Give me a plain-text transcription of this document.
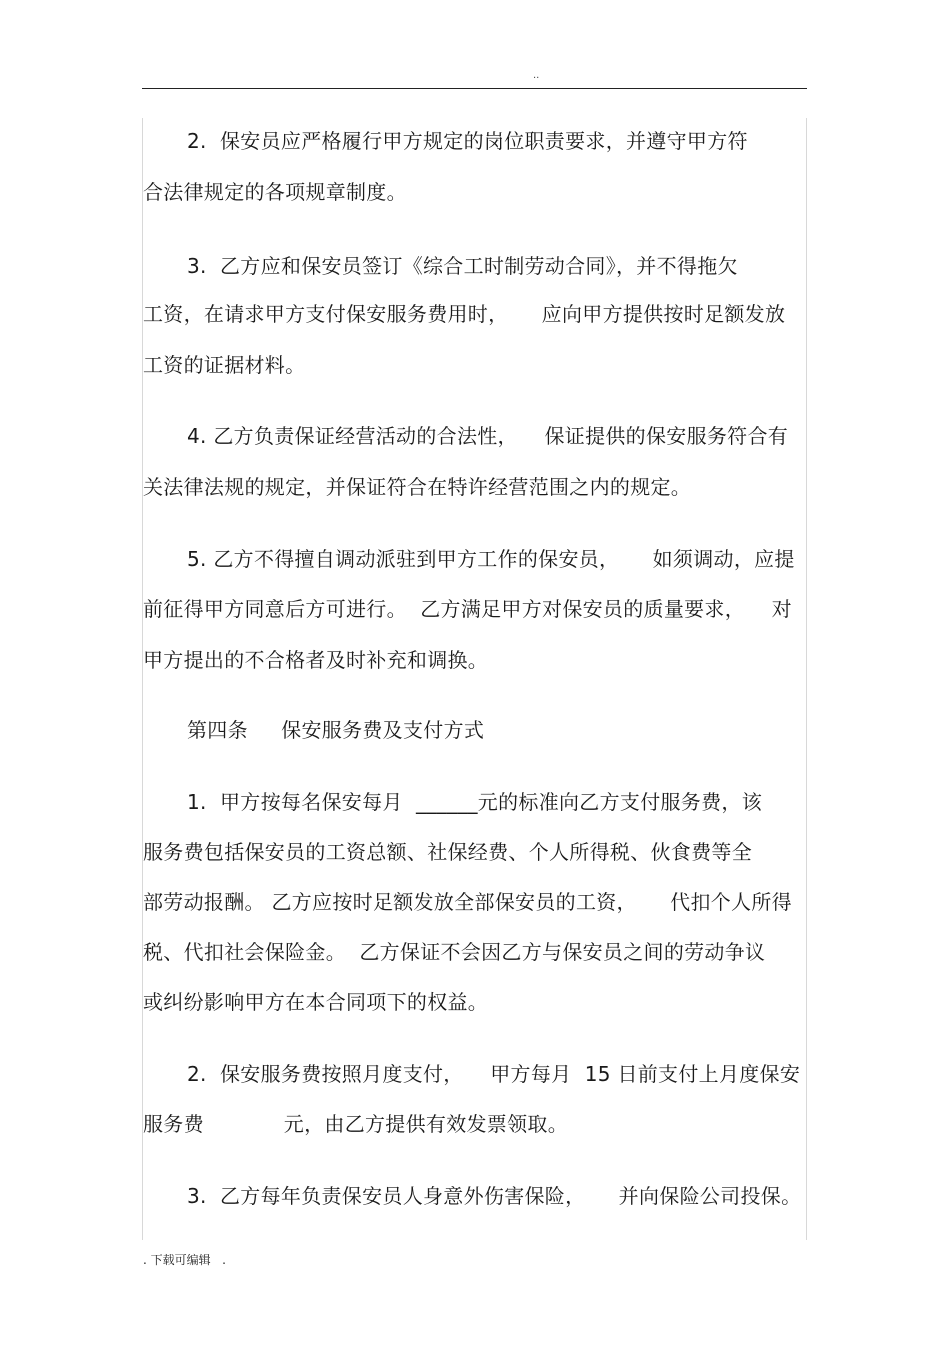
..
2.  保安员应严格履行甲方规定的岗位职责要求，并遵守甲方符
合法律规定的各项规章制度。
3.  乙方应和保安员签订《综合工时制劳动合同》，并不得拖欠
工资，在请求甲方支付保安服务费用时，     应向甲方提供按时足额发放
工资的证据材料。
4. 乙方负责保证经营活动的合法性，    保证提供的保安服务符合有
关法律法规的规定，并保证符合在特许经营范围之内的规定。
5. 乙方不得擅自调动派驻到甲方工作的保安员，     如须调动，应提
前征得甲方同意后方可进行。  乙方满足甲方对保安员的质量要求，    对
甲方提出的不合格者及时补充和调换。
第四条     保安服务费及支付方式
1.  甲方按每名保安每月  ______元的标准向乙方支付服务费，该
服务费包括保安员的工资总额、社保经费、个人所得税、伙食费等全
部劳动报酬。 乙方应按时足额发放全部保安员的工资，     代扣个人所得
税、代扣社会保险金。  乙方保证不会因乙方与保安员之间的劳动争议
或纠纷影响甲方在本合同项下的权益。
2.  保安服务费按照月度支付，    甲方每月  15 日前支付上月度保安
服务费            元，由乙方提供有效发票领取。
3.  乙方每年负责保安员人身意外伤害保险，     并向保险公司投保。
. 下载可编辑   .
